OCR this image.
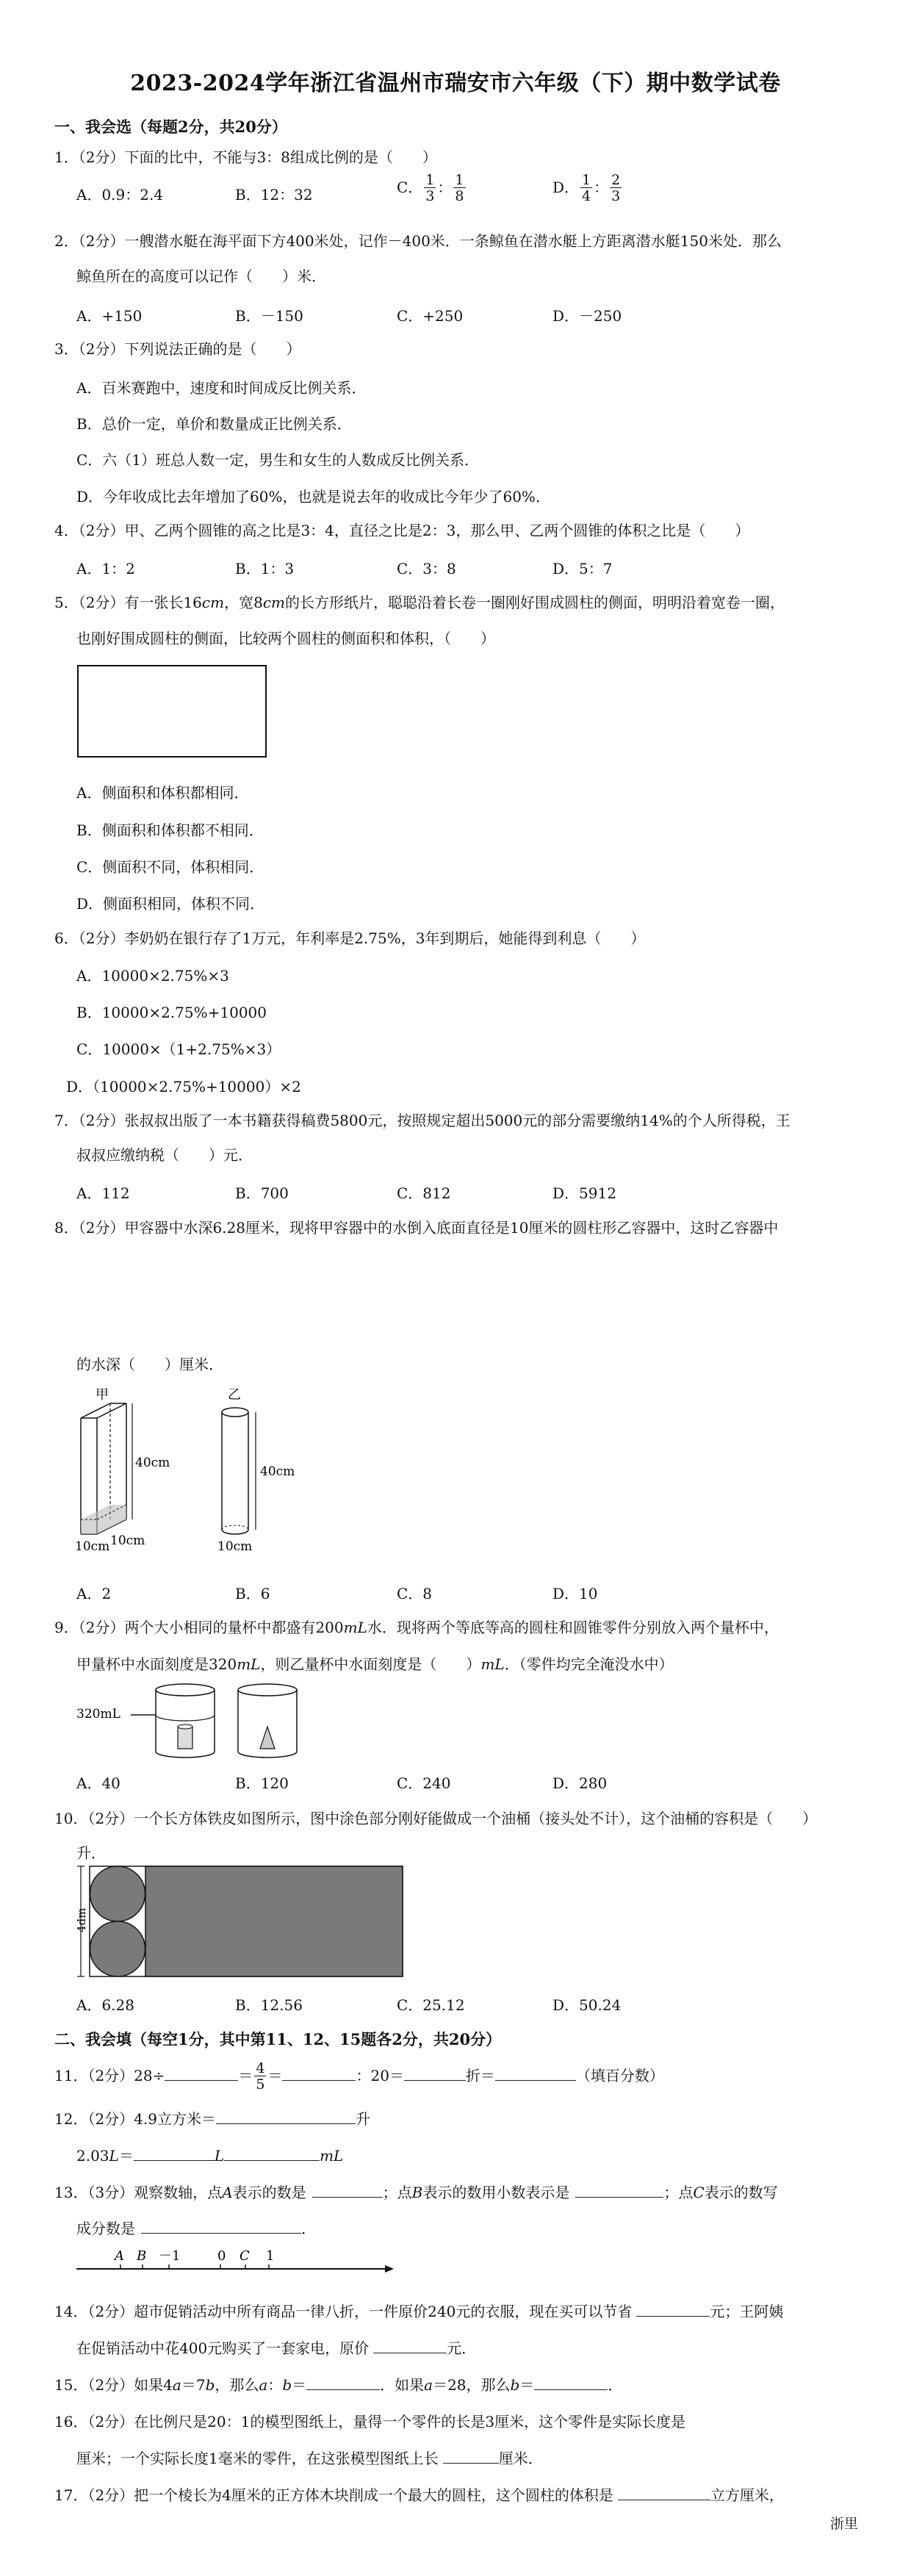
2023-2024学年浙江省温州市瑞安市六年级（下）期中数学试卷
一、我会选（每题2分，共20分）
1．（2分）下面的比中，不能与3：8组成比例的是（　　）
A．0.9：2.4	B．12：32	C． $\frac{1}{3}$ ： $\frac{1}{8}$	D． $\frac{1}{4}$ ： $\frac{2}{3}$
2．（2分）一艘潜水艇在海平面下方400米处，记作－400米．一条鲸鱼在潜水艇上方距离潜水艇150米处．那么
鲸鱼所在的高度可以记作（　　）米．
A．+150	B．－150	C．+250	D．－250
3．（2分）下列说法正确的是（　　）
A．百米赛跑中，速度和时间成反比例关系．
B．总价一定，单价和数量成正比例关系．
C．六（1）班总人数一定，男生和女生的人数成反比例关系．
D．今年收成比去年增加了60%，也就是说去年的收成比今年少了60%．
4．（2分）甲、乙两个圆锥的高之比是3：4，直径之比是2：3，那么甲、乙两个圆锥的体积之比是（　　）
A．1：2	B．1：3	C．3：8	D．5：7
5．（2分）有一张长16cm，宽8cm的长方形纸片，聪聪沿着长卷一圈刚好围成圆柱的侧面，明明沿着宽卷一圈，
也刚好围成圆柱的侧面，比较两个圆柱的侧面积和体积，（　　）
A．侧面积和体积都相同．
B．侧面积和体积都不相同．
C．侧面积不同，体积相同．
D．侧面积相同，体积不同．
6．（2分）李奶奶在银行存了1万元，年利率是2.75%，3年到期后，她能得到利息（　　）
A．10000×2.75%×3
B．10000×2.75%+10000
C．10000×（1+2.75%×3）
D．（10000×2.75%+10000）×2
7．（2分）张叔叔出版了一本书籍获得稿费5800元，按照规定超出5000元的部分需要缴纳14%的个人所得税，王
叔叔应缴纳税（　　）元．
A．112	B．700	C．812	D．5912
8．（2分）甲容器中水深6.28厘米，现将甲容器中的水倒入底面直径是10厘米的圆柱形乙容器中，这时乙容器中
的水深（　　）厘米．
甲
40cm
10cm 10cm
乙
40cm
10cm
A．2	B．6	C．8	D．10
9．（2分）两个大小相同的量杯中都盛有200mL水．现将两个等底等高的圆柱和圆锥零件分别放入两个量杯中，
甲量杯中水面刻度是320mL，则乙量杯中水面刻度是（　　）mL．（零件均完全淹没水中）
320mL
A．40	B．120	C．240	D．280
10．（2分）一个长方体铁皮如图所示，图中涂色部分刚好能做成一个油桶（接头处不计），这个油桶的容积是（　　）
升．
4dm
A．6.28	B．12.56	C．25.12	D．50.24
二、我会填（每空1分，其中第11、12、15题各2分，共20分）
11．（2分）28÷	＝ $\frac{4}{5}$ ＝	：20＝	折＝	（填百分数）
12．（2分）4.9立方米＝	升
2.03L＝	L	mL
13．（3分）观察数轴，点A表示的数是	；点B表示的数用小数表示是	；点C表示的数写
成分数是	．
A B －1	0 C 1
14．（2分）超市促销活动中所有商品一律八折，一件原价240元的衣服，现在买可以节省	元；王阿姨
在促销活动中花400元购买了一套家电，原价	元．
15．（2分）如果4a＝7b，那么a：b＝	．如果a＝28，那么b＝	．
16．（2分）在比例尺是20：1的模型图纸上，量得一个零件的长是3厘米，这个零件是实际长度是
厘米；一个实际长度1毫米的零件，在这张模型图纸上长	厘米．
17．（2分）把一个棱长为4厘米的正方体木块削成一个最大的圆柱，这个圆柱的体积是	立方厘米，
浙里
